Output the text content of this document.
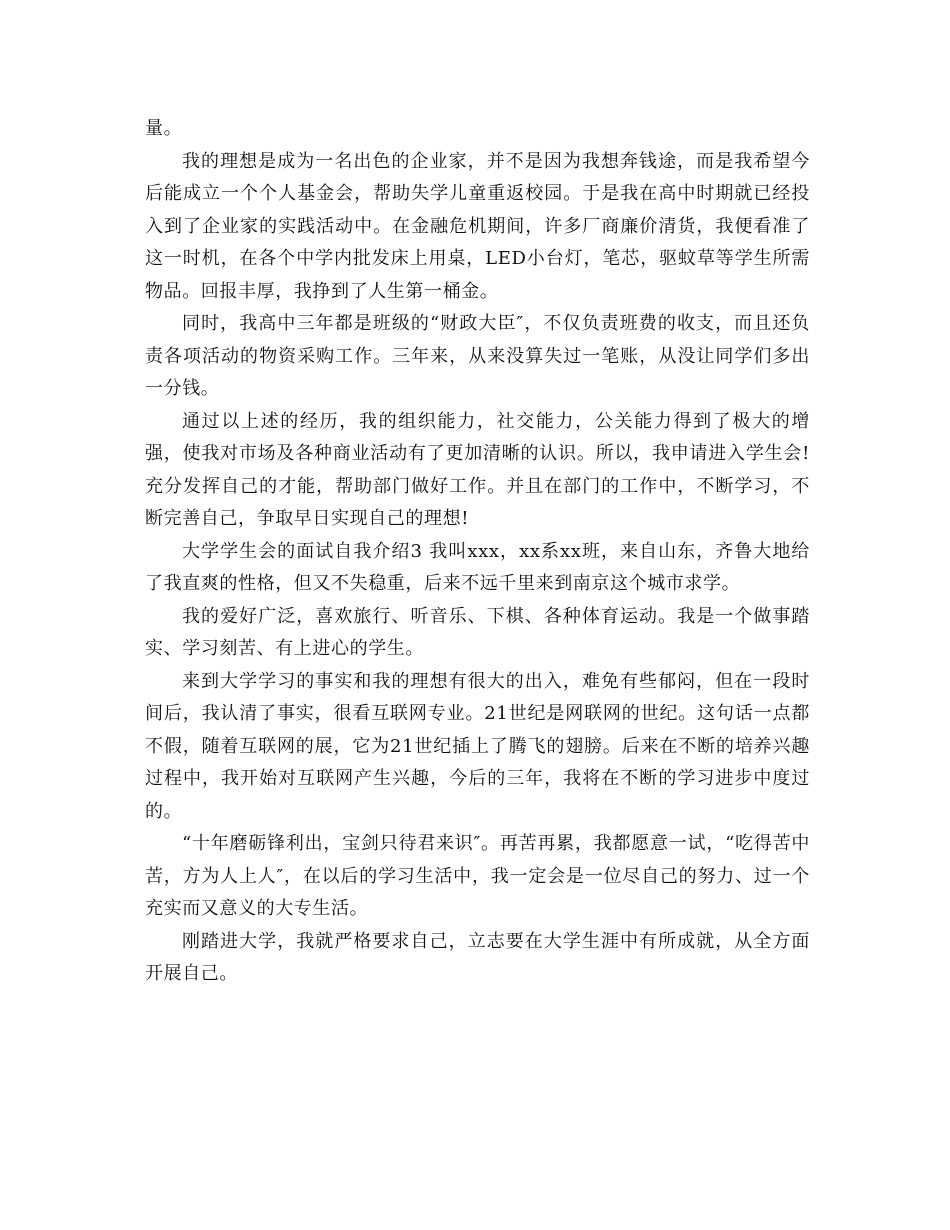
量。

我的理想是成为一名出色的企业家，并不是因为我想奔钱途，而是我希望今后能成立一个个人基金会，帮助失学儿童重返校园。于是我在高中时期就已经投入到了企业家的实践活动中。在金融危机期间，许多厂商廉价清货，我便看准了这一时机，在各个中学内批发床上用桌，LED小台灯，笔芯，驱蚊草等学生所需物品。回报丰厚，我挣到了人生第一桶金。

同时，我高中三年都是班级的“财政大臣″，不仅负责班费的收支，而且还负责各项活动的物资采购工作。三年来，从来没算失过一笔账，从没让同学们多出一分钱。

通过以上述的经历，我的组织能力，社交能力，公关能力得到了极大的增强，使我对市场及各种商业活动有了更加清晰的认识。所以，我申请进入学生会!充分发挥自己的才能，帮助部门做好工作。并且在部门的工作中，不断学习，不断完善自己，争取早日实现自己的理想!

大学学生会的面试自我介绍3 我叫xxx，xx系xx班，来自山东，齐鲁大地给了我直爽的性格，但又不失稳重，后来不远千里来到南京这个城市求学。

我的爱好广泛，喜欢旅行、听音乐、下棋、各种体育运动。我是一个做事踏实、学习刻苦、有上进心的学生。

来到大学学习的事实和我的理想有很大的出入，难免有些郁闷，但在一段时间后，我认清了事实，很看互联网专业。21世纪是网联网的世纪。这句话一点都不假，随着互联网的展，它为21世纪插上了腾飞的翅膀。后来在不断的培养兴趣过程中，我开始对互联网产生兴趣，今后的三年，我将在不断的学习进步中度过的。

“十年磨砺锋利出，宝剑只待君来识″。再苦再累，我都愿意一试，“吃得苦中苦，方为人上人″，在以后的学习生活中，我一定会是一位尽自己的努力、过一个充实而又意义的大专生活。

刚踏进大学，我就严格要求自己，立志要在大学生涯中有所成就，从全方面开展自己。
